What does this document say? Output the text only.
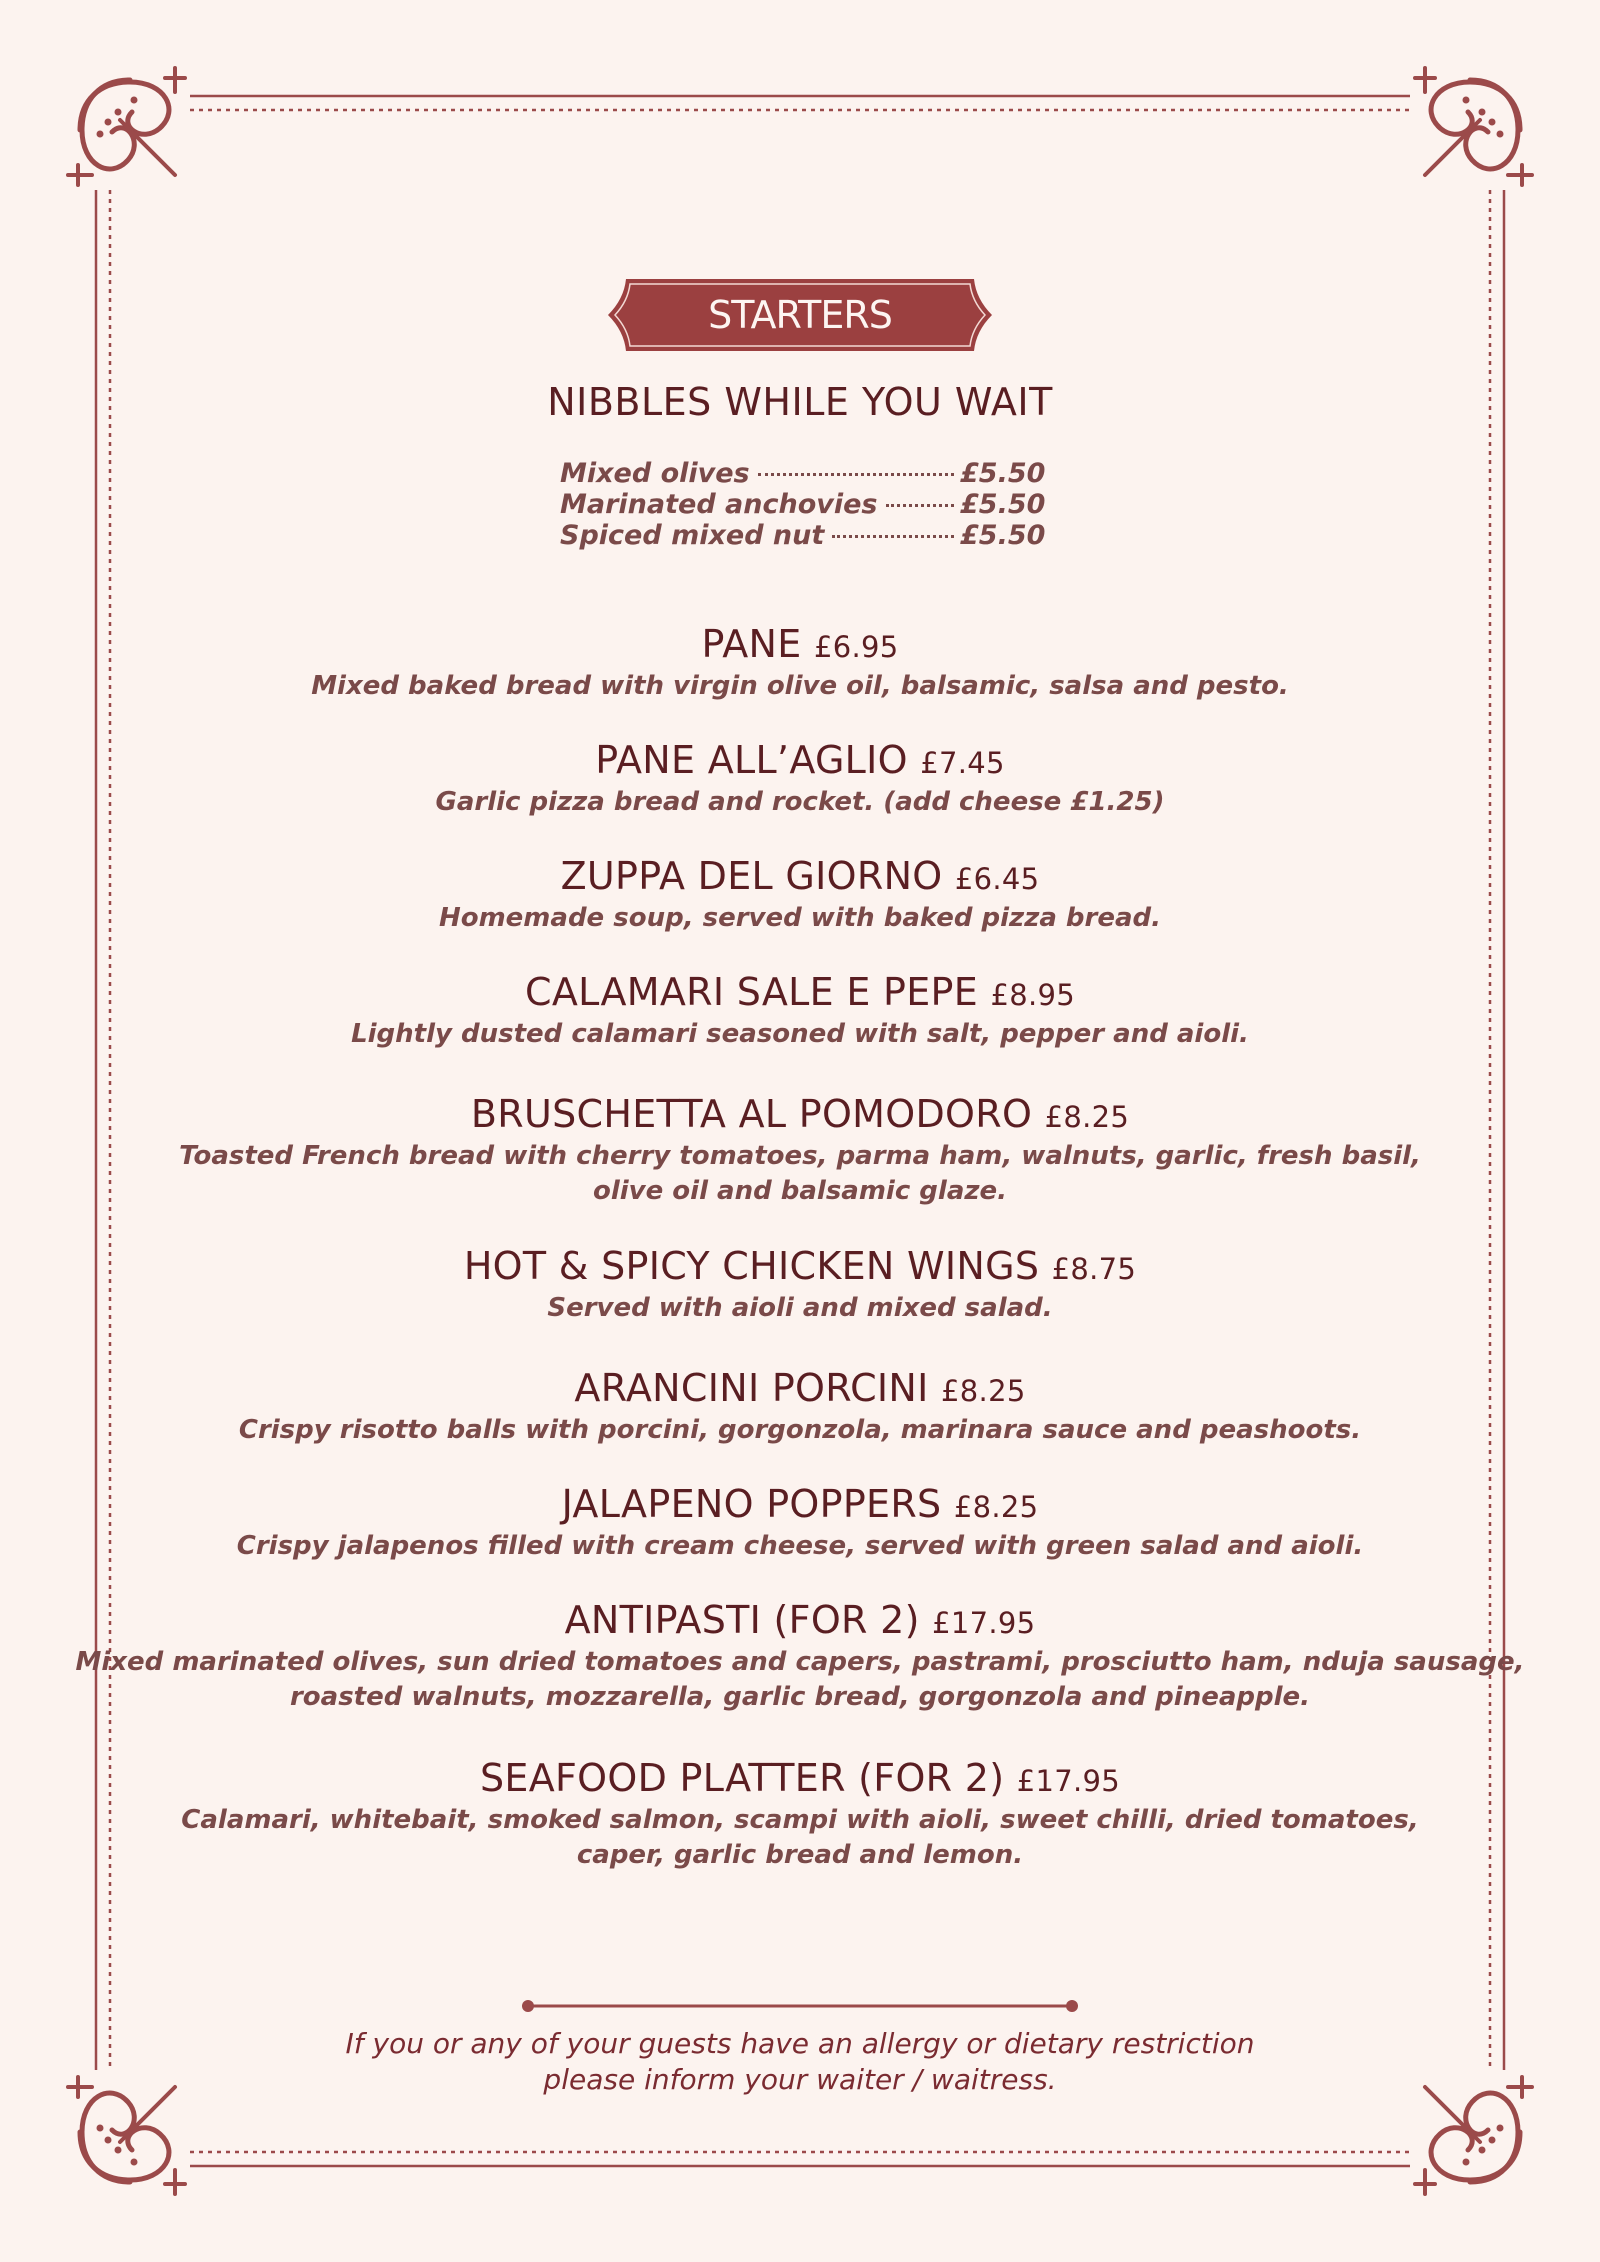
STARTERS
NIBBLES WHILE YOU WAIT
Mixed olives	£5.50
Marinated anchovies	£5.50
Spiced mixed nut	£5.50
PANE £6.95
Mixed baked bread with virgin olive oil, balsamic, salsa and pesto.
PANE ALL’AGLIO £7.45
Garlic pizza bread and rocket. (add cheese £1.25)
ZUPPA DEL GIORNO £6.45
Homemade soup, served with baked pizza bread.
CALAMARI SALE E PEPE £8.95
Lightly dusted calamari seasoned with salt, pepper and aioli.
BRUSCHETTA AL POMODORO £8.25
Toasted French bread with cherry tomatoes, parma ham, walnuts, garlic, fresh basil,
olive oil and balsamic glaze.
HOT & SPICY CHICKEN WINGS £8.75
Served with aioli and mixed salad.
ARANCINI PORCINI £8.25
Crispy risotto balls with porcini, gorgonzola, marinara sauce and peashoots.
JALAPENO POPPERS £8.25
Crispy jalapenos filled with cream cheese, served with green salad and aioli.
ANTIPASTI (FOR 2) £17.95
Mixed marinated olives, sun dried tomatoes and capers, pastrami, prosciutto ham, nduja sausage,
roasted walnuts, mozzarella, garlic bread, gorgonzola and pineapple.
SEAFOOD PLATTER (FOR 2) £17.95
Calamari, whitebait, smoked salmon, scampi with aioli, sweet chilli, dried tomatoes,
caper, garlic bread and lemon.
If you or any of your guests have an allergy or dietary restriction
please inform your waiter / waitress.
